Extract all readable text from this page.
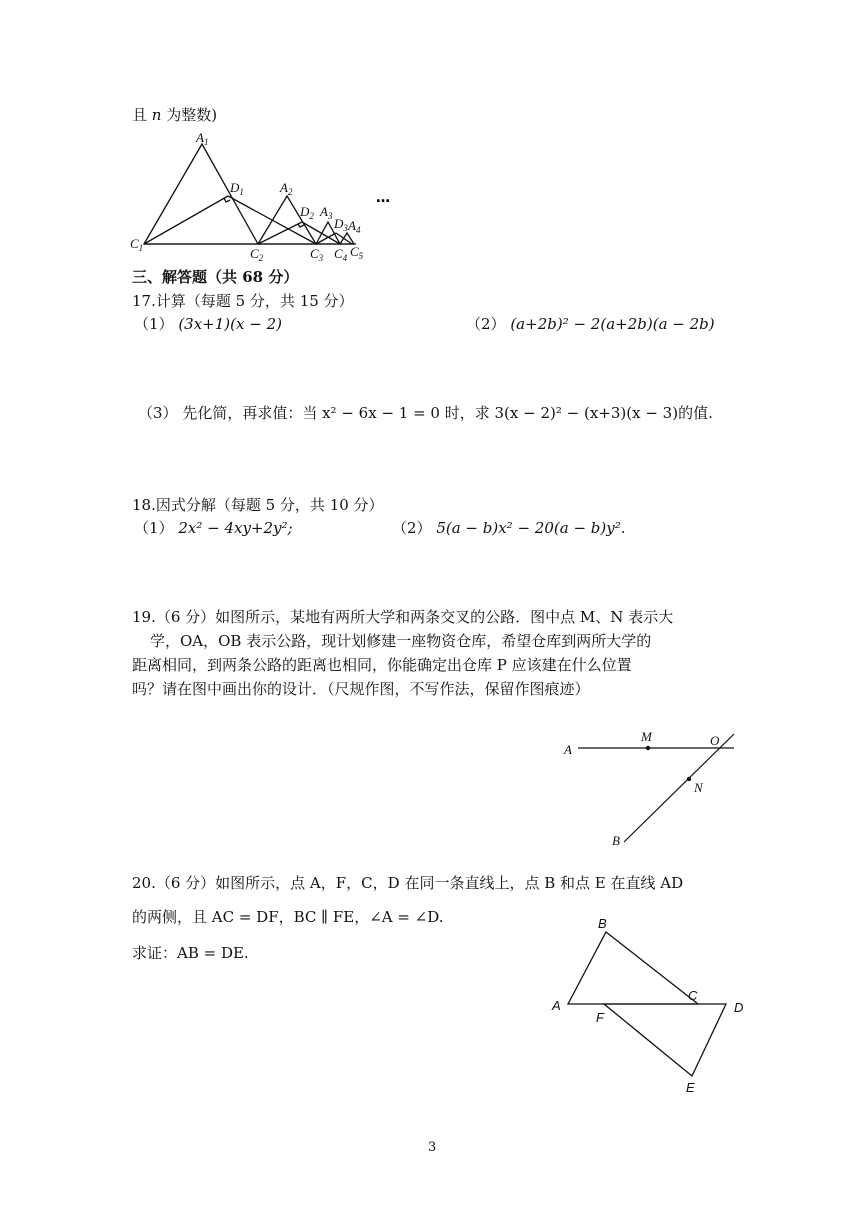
且 n 为整数)
$A_1$
$D_1$	$A_2$
$D_2$ $A_3$ $D_3$ $A_4$
$C_1$	$C_2$	$C_3$ $C_4$ $C_5$
…
三、解答题（共 68 分）
17.计算（每题 5 分，共 15 分）
（1） (3x+1)(x − 2)	（2） (a+2b)² − 2(a+2b)(a − 2b)
（3） 先化简，再求值：当 x² − 6x − 1 = 0 时，求 3(x − 2)² − (x+3)(x − 3)的值.
18.因式分解（每题 5 分，共 10 分）
（1） 2x² − 4xy+2y²;	（2） 5(a − b)x² − 20(a − b)y².
19.（6 分）如图所示，某地有两所大学和两条交叉的公路．图中点 M、N 表示大
学，OA，OB 表示公路，现计划修建一座物资仓库，希望仓库到两所大学的
距离相同，到两条公路的距离也相同，你能确定出仓库 P 应该建在什么位置
吗？请在图中画出你的设计．（尺规作图，不写作法，保留作图痕迹）
A
M	O
N
B
20.（6 分）如图所示，点 A，F，C，D 在同一条直线上，点 B 和点 E 在直线 AD
的两侧，且 AC = DF，BC ∥ FE，∠A = ∠D.
求证：AB = DE.
B
A
C
D
F
E
3
